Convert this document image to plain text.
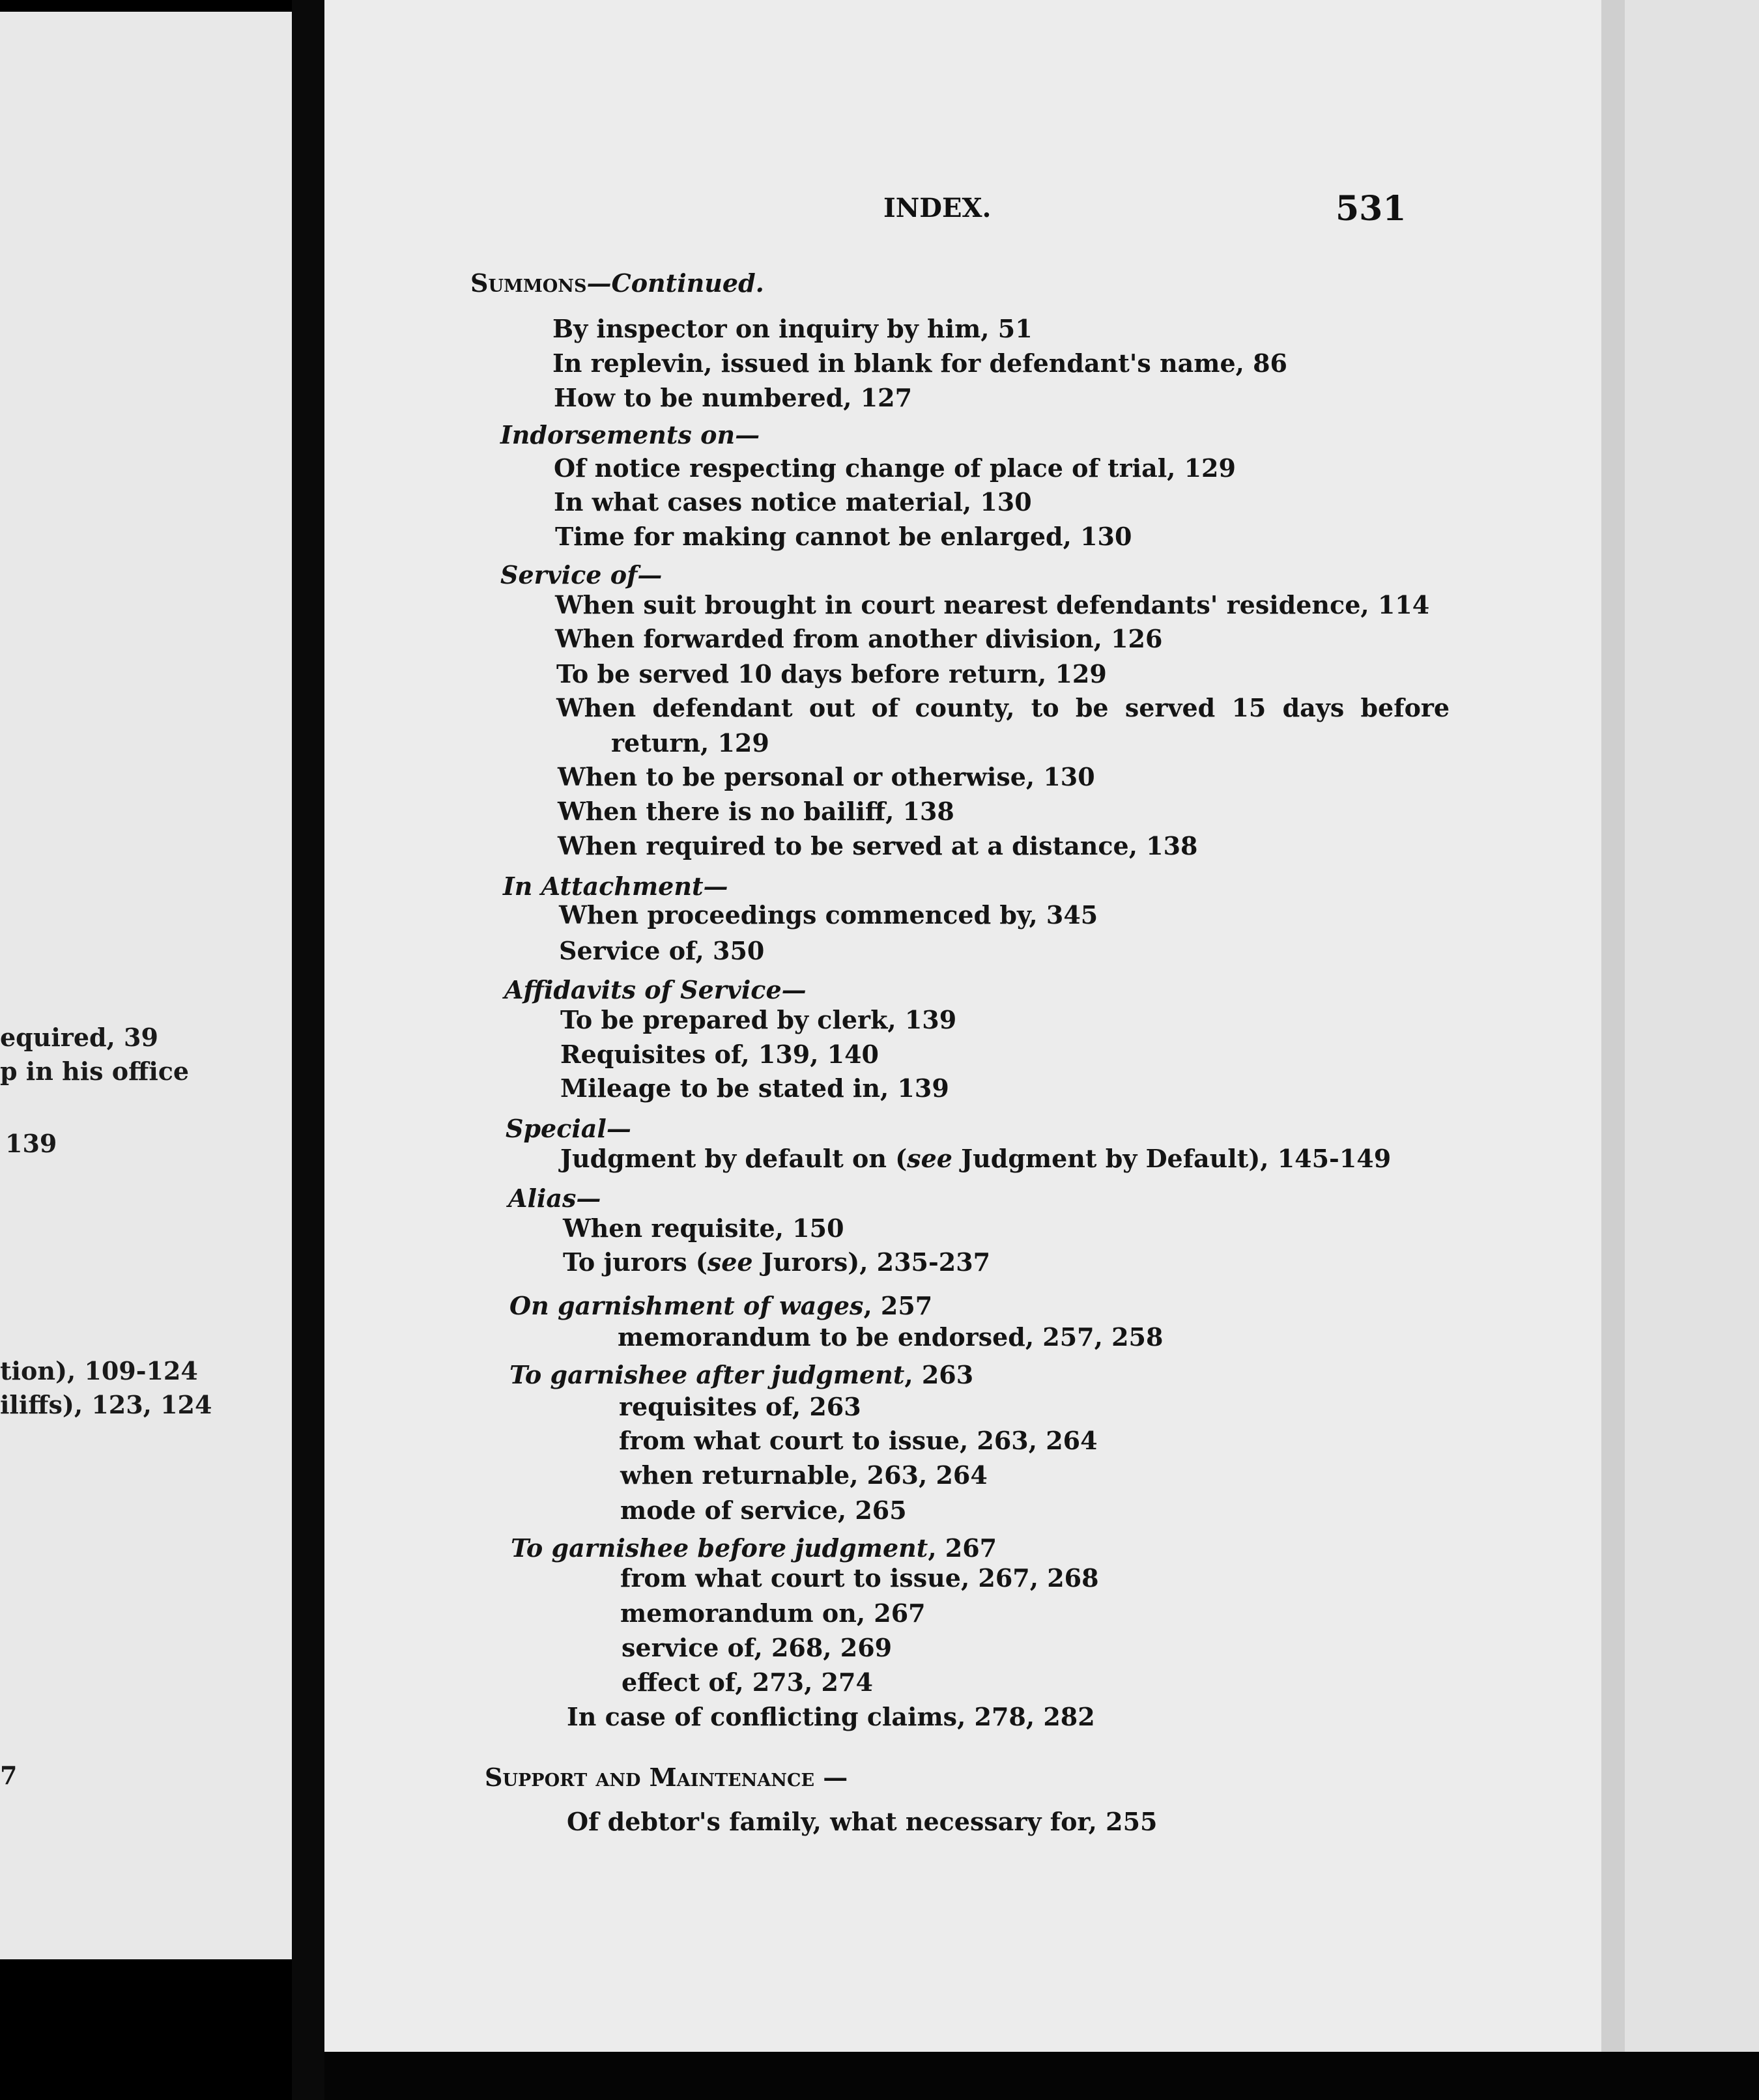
equired, 39
p in his office
139
tion), 109-124
iliffs), 123, 124
7
INDEX.	531
Summons—Continued.
By inspector on inquiry by him, 51
In replevin, issued in blank for defendant's name, 86
How to be numbered, 127
Indorsements on—
Of notice respecting change of place of trial, 129
In what cases notice material, 130
Time for making cannot be enlarged, 130
Service of—
When suit brought in court nearest defendants' residence, 114
When forwarded from another division, 126
To be served 10 days before return, 129
When defendant out of county, to be served 15 days before
return, 129
When to be personal or otherwise, 130
When there is no bailiff, 138
When required to be served at a distance, 138
In Attachment—
When proceedings commenced by, 345
Service of, 350
Affidavits of Service—
To be prepared by clerk, 139
Requisites of, 139, 140
Mileage to be stated in, 139
Special—
Judgment by default on (see Judgment by Default), 145-149
Alias—
When requisite, 150
To jurors (see Jurors), 235-237
On garnishment of wages, 257
memorandum to be endorsed, 257, 258
To garnishee after judgment, 263
requisites of, 263
from what court to issue, 263, 264
when returnable, 263, 264
mode of service, 265
To garnishee before judgment, 267
from what court to issue, 267, 268
memorandum on, 267
service of, 268, 269
effect of, 273, 274
In case of conflicting claims, 278, 282
Support and Maintenance —
Of debtor's family, what necessary for, 255
